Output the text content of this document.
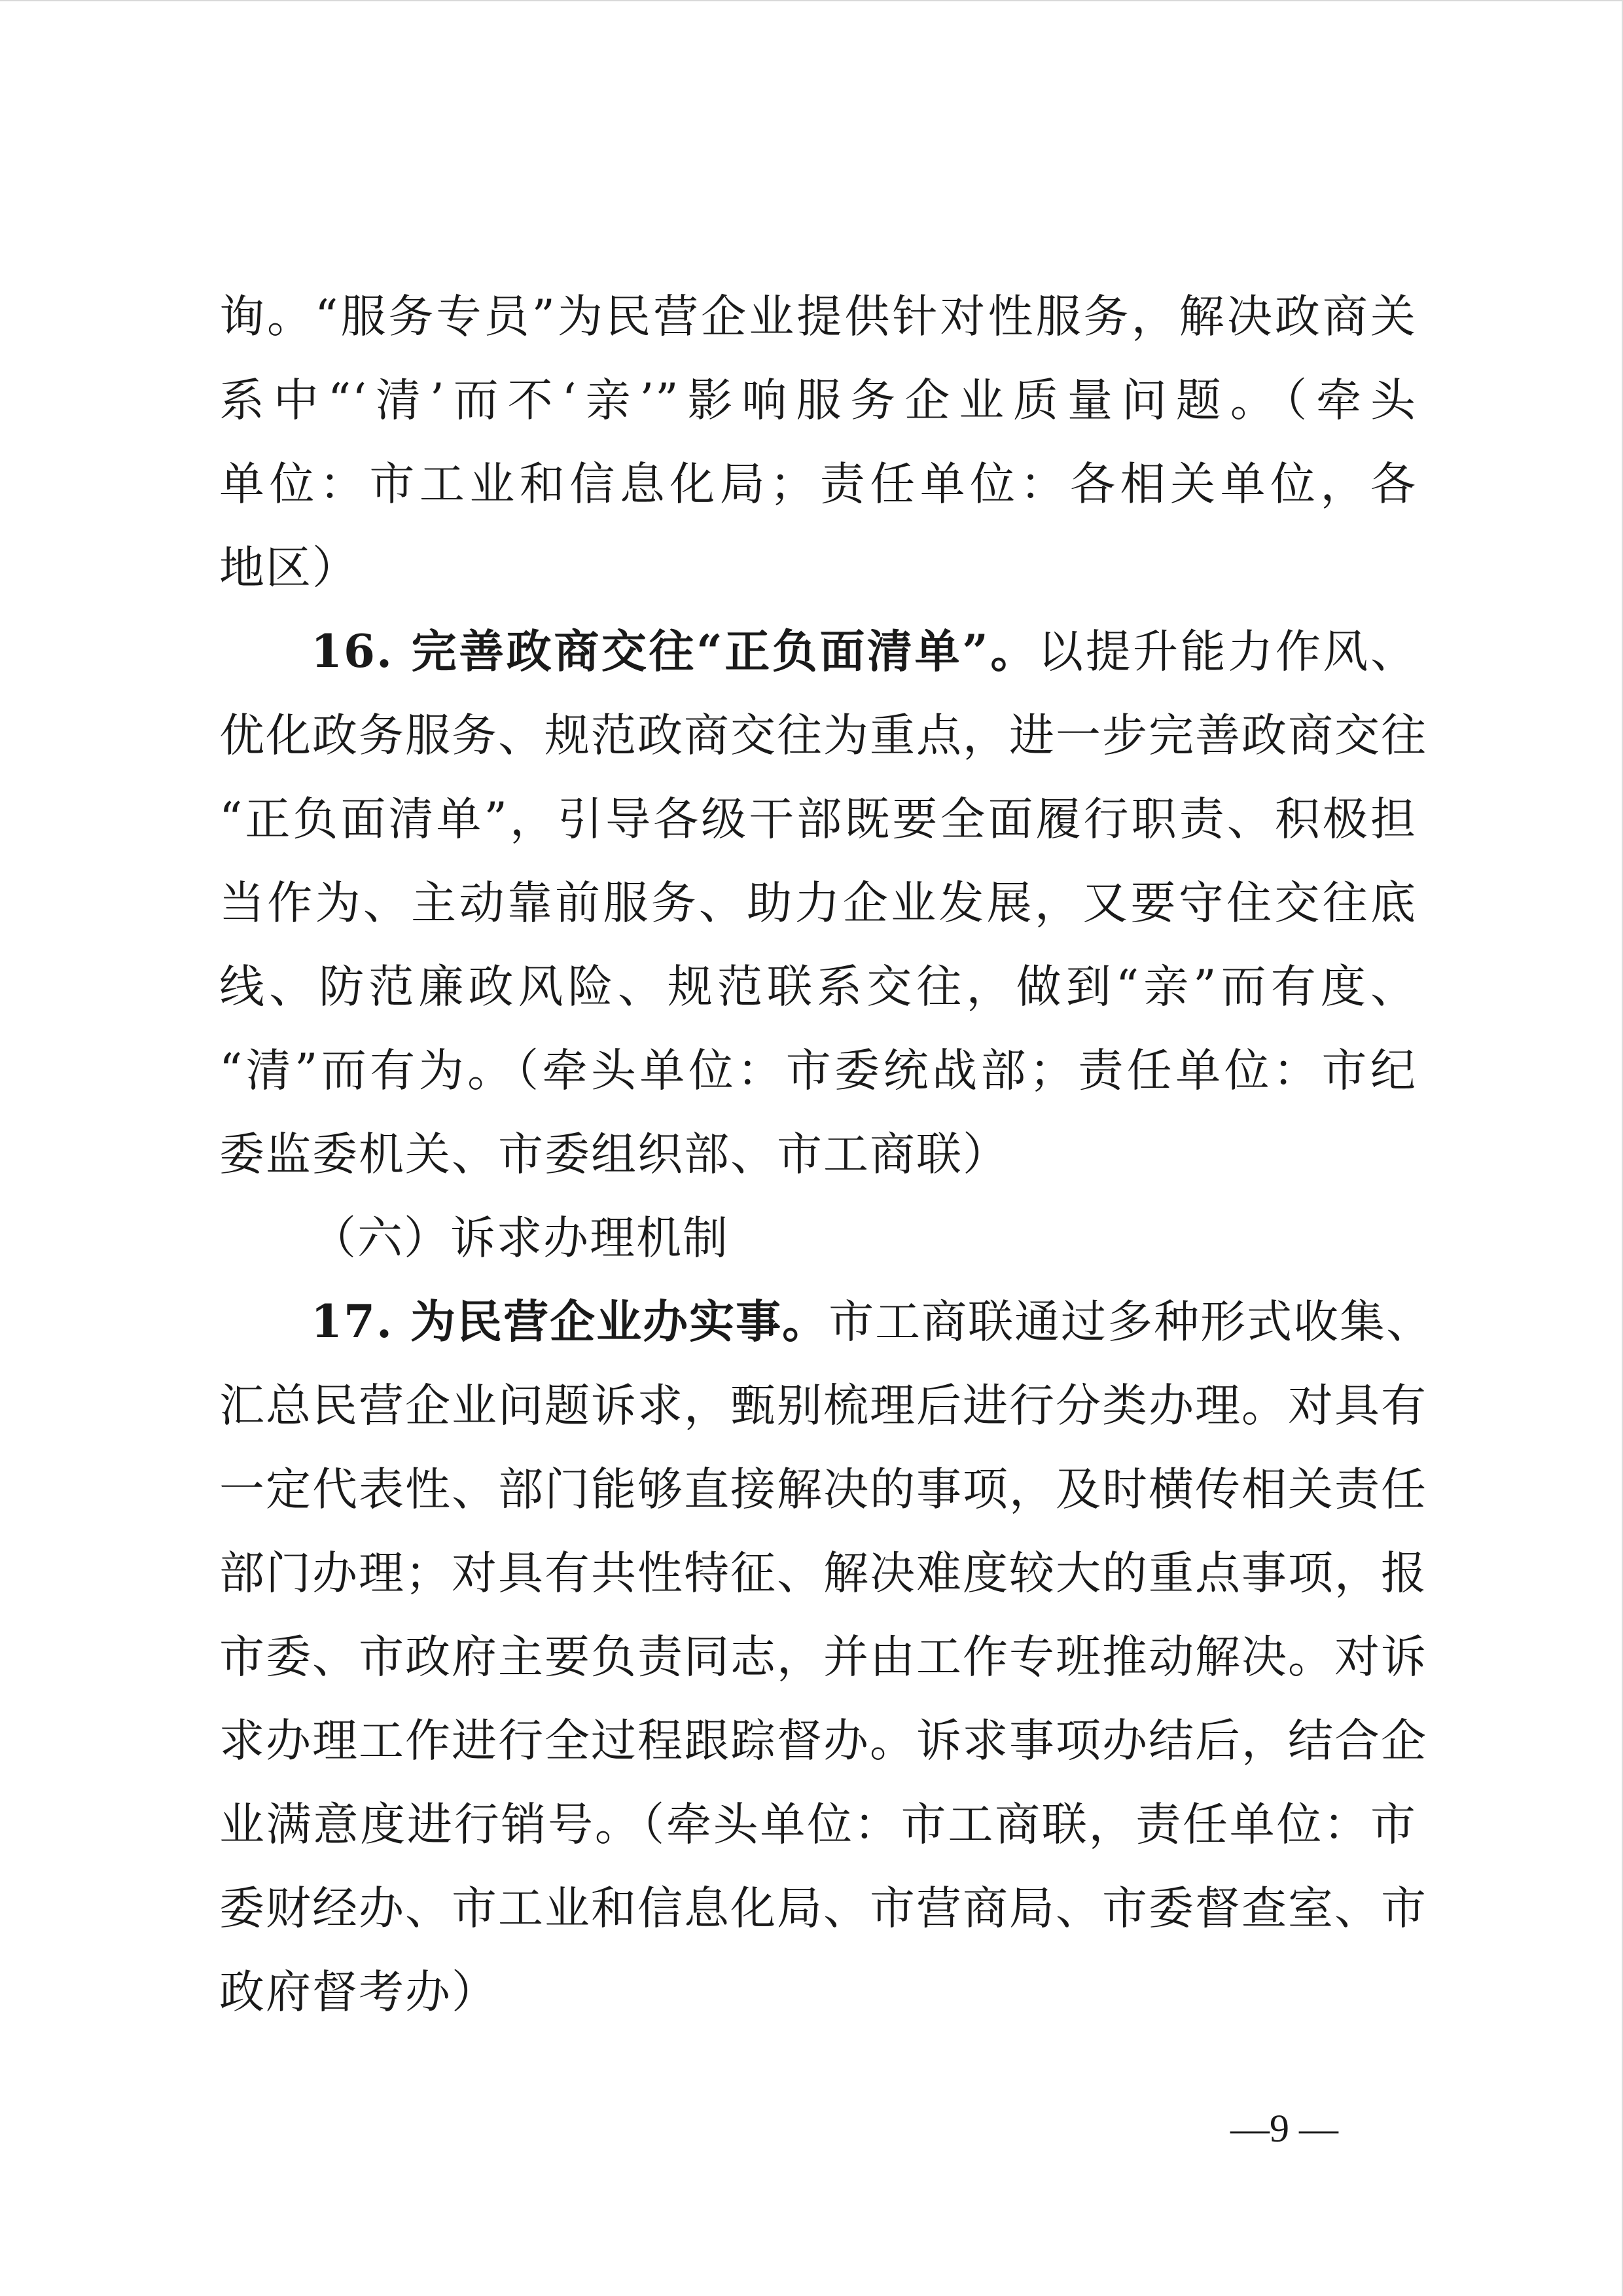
询。“服务专员”为民营企业提供针对性服务，解决政商关
系中“‘清’而不‘亲’”影响服务企业质量问题。（牵头
单位：市工业和信息化局；责任单位：各相关单位，各
地区）
16. 完善政商交往“正负面清单”。以提升能力作风、
优化政务服务、规范政商交往为重点，进一步完善政商交往
“正负面清单”，引导各级干部既要全面履行职责、积极担
当作为、主动靠前服务、助力企业发展，又要守住交往底
线、防范廉政风险、规范联系交往，做到“亲”而有度、
“清”而有为。（牵头单位：市委统战部；责任单位：市纪
委监委机关、市委组织部、市工商联）
（六）诉求办理机制
17. 为民营企业办实事。市工商联通过多种形式收集、
汇总民营企业问题诉求，甄别梳理后进行分类办理。对具有
一定代表性、部门能够直接解决的事项，及时横传相关责任
部门办理；对具有共性特征、解决难度较大的重点事项，报
市委、市政府主要负责同志，并由工作专班推动解决。对诉
求办理工作进行全过程跟踪督办。诉求事项办结后，结合企
业满意度进行销号。（牵头单位：市工商联，责任单位：市
委财经办、市工业和信息化局、市营商局、市委督查室、市
政府督考办）
—9 —
